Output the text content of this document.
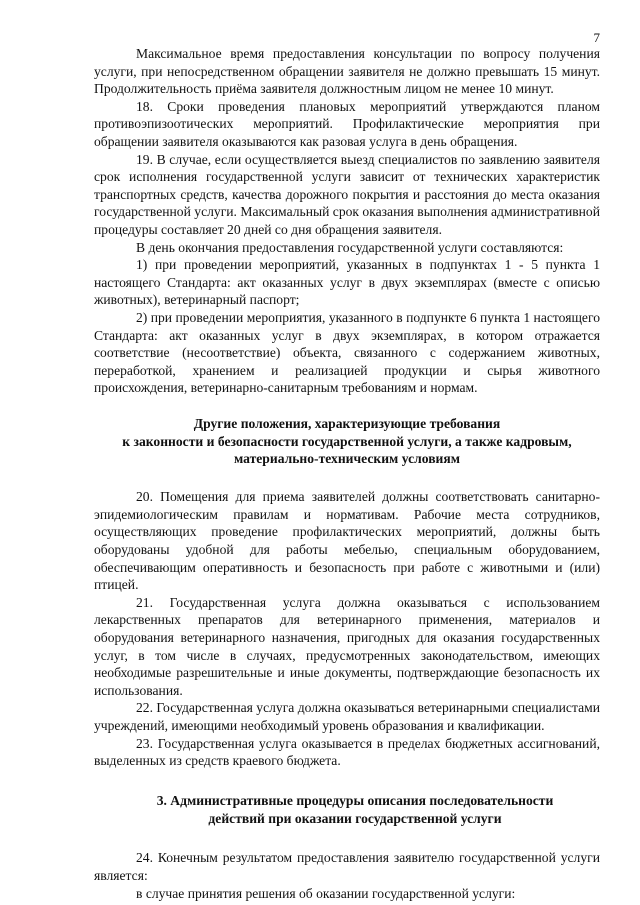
7

Максимальное время предоставления консультации по вопросу получения услуги, при непосредственном обращении заявителя не должно превышать 15 минут. Продолжительность приёма заявителя должностным лицом не менее 10 минут.

18. Сроки проведения плановых мероприятий утверждаются планом противоэпизоотических мероприятий. Профилактические мероприятия при обращении заявителя оказываются как разовая услуга в день обращения.

19. В случае, если осуществляется выезд специалистов по заявлению заявителя срок исполнения государственной услуги зависит от технических характеристик транспортных средств, качества дорожного покрытия и расстояния до места оказания государственной услуги. Максимальный срок оказания выполнения административной процедуры составляет 20 дней со дня обращения заявителя.

В день окончания предоставления государственной услуги составляются:

1) при проведении мероприятий, указанных в подпунктах 1 - 5 пункта 1 настоящего Стандарта: акт оказанных услуг в двух экземплярах (вместе с описью животных), ветеринарный паспорт;

2) при проведении мероприятия, указанного в подпункте 6 пункта 1 настоящего Стандарта: акт оказанных услуг в двух экземплярах, в котором отражается соответствие (несоответствие) объекта, связанного с содержанием животных, переработкой, хранением и реализацией продукции и сырья животного происхождения, ветеринарно-санитарным требованиям и нормам.

Другие положения, характеризующие требования
к законности и безопасности государственной услуги, а также кадровым,
материально-техническим условиям

20. Помещения для приема заявителей должны соответствовать санитарно-эпидемиологическим правилам и нормативам. Рабочие места сотрудников, осуществляющих проведение профилактических мероприятий, должны быть оборудованы удобной для работы мебелью, специальным оборудованием, обеспечивающим оперативность и безопасность при работе с животными и (или) птицей.

21. Государственная услуга должна оказываться с использованием лекарственных препаратов для ветеринарного применения, материалов и оборудования ветеринарного назначения, пригодных для оказания государственных услуг, в том числе в случаях, предусмотренных законодательством, имеющих необходимые разрешительные и иные документы, подтверждающие безопасность их использования.

22. Государственная услуга должна оказываться ветеринарными специалистами учреждений, имеющими необходимый уровень образования и квалификации.

23. Государственная услуга оказывается в пределах бюджетных ассигнований, выделенных из средств краевого бюджета.

3. Административные процедуры описания последовательности
действий при оказании государственной услуги

24. Конечным результатом предоставления заявителю государственной услуги является:

в случае принятия решения об оказании государственной услуги:
